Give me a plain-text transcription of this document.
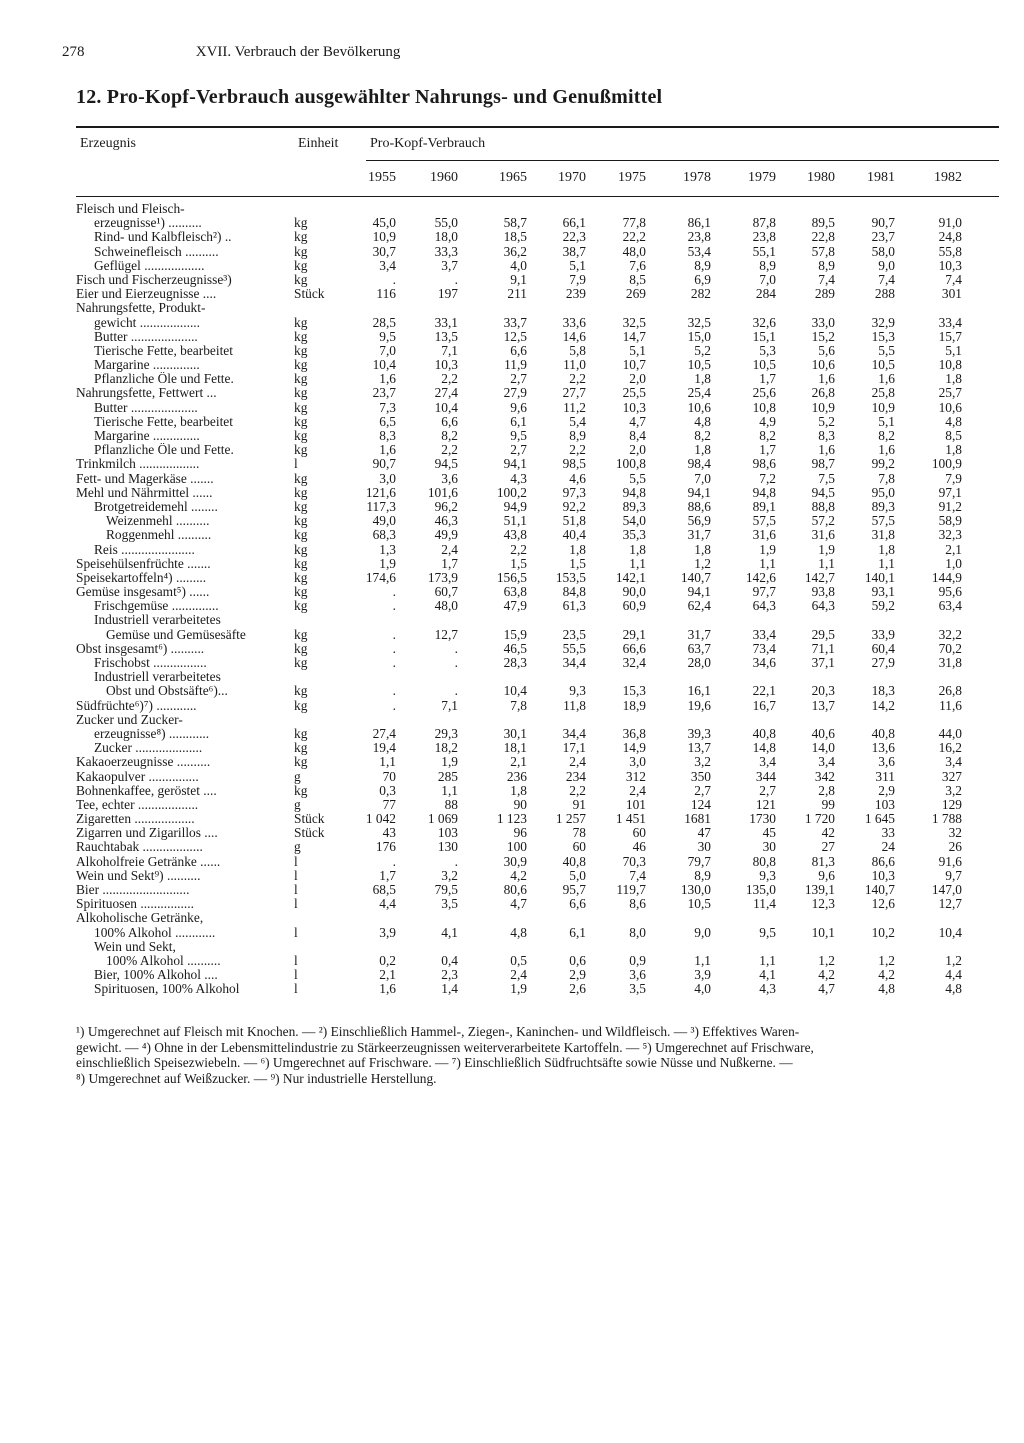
278	XVII. Verbrauch der Bevölkerung
12. Pro-Kopf-Verbrauch ausgewählter Nahrungs- und Genußmittel
Erzeugnis	Einheit Pro-Kopf-Verbrauch
1955	1960	1965	1970	1975	1978	1979	1980	1981	1982
Fleisch und Fleisch-
erzeugnisse¹) ..........	kg	45,0	55,0	58,7	66,1	77,8	86,1	87,8	89,5	90,7	91,0
Rind- und Kalbfleisch²) ..	kg	10,9	18,0	18,5	22,3	22,2	23,8	23,8	22,8	23,7	24,8
Schweinefleisch ..........	kg	30,7	33,3	36,2	38,7	48,0	53,4	55,1	57,8	58,0	55,8
Geflügel ..................	kg	3,4	3,7	4,0	5,1	7,6	8,9	8,9	8,9	9,0	10,3
Fisch und Fischerzeugnisse³)	kg	.	.	9,1	7,9	8,5	6,9	7,0	7,4	7,4	7,4
Eier und Eierzeugnisse ....	Stück	116	197	211	239	269	282	284	289	288	301
Nahrungsfette, Produkt-
gewicht ..................	kg	28,5	33,1	33,7	33,6	32,5	32,5	32,6	33,0	32,9	33,4
Butter ....................	kg	9,5	13,5	12,5	14,6	14,7	15,0	15,1	15,2	15,3	15,7
Tierische Fette, bearbeitet	kg	7,0	7,1	6,6	5,8	5,1	5,2	5,3	5,6	5,5	5,1
Margarine ..............	kg	10,4	10,3	11,9	11,0	10,7	10,5	10,5	10,6	10,5	10,8
Pflanzliche Öle und Fette.	kg	1,6	2,2	2,7	2,2	2,0	1,8	1,7	1,6	1,6	1,8
Nahrungsfette, Fettwert ...	kg	23,7	27,4	27,9	27,7	25,5	25,4	25,6	26,8	25,8	25,7
Butter ....................	kg	7,3	10,4	9,6	11,2	10,3	10,6	10,8	10,9	10,9	10,6
Tierische Fette, bearbeitet	kg	6,5	6,6	6,1	5,4	4,7	4,8	4,9	5,2	5,1	4,8
Margarine ..............	kg	8,3	8,2	9,5	8,9	8,4	8,2	8,2	8,3	8,2	8,5
Pflanzliche Öle und Fette.	kg	1,6	2,2	2,7	2,2	2,0	1,8	1,7	1,6	1,6	1,8
Trinkmilch ..................	l	90,7	94,5	94,1	98,5	100,8	98,4	98,6	98,7	99,2	100,9
Fett- und Magerkäse .......	kg	3,0	3,6	4,3	4,6	5,5	7,0	7,2	7,5	7,8	7,9
Mehl und Nährmittel ......	kg	121,6	101,6	100,2	97,3	94,8	94,1	94,8	94,5	95,0	97,1
Brotgetreidemehl ........	kg	117,3	96,2	94,9	92,2	89,3	88,6	89,1	88,8	89,3	91,2
Weizenmehl ..........	kg	49,0	46,3	51,1	51,8	54,0	56,9	57,5	57,2	57,5	58,9
Roggenmehl ..........	kg	68,3	49,9	43,8	40,4	35,3	31,7	31,6	31,6	31,8	32,3
Reis ......................	kg	1,3	2,4	2,2	1,8	1,8	1,8	1,9	1,9	1,8	2,1
Speisehülsenfrüchte .......	kg	1,9	1,7	1,5	1,5	1,1	1,2	1,1	1,1	1,1	1,0
Speisekartoffeln⁴) .........	kg	174,6	173,9	156,5	153,5	142,1	140,7	142,6	142,7	140,1	144,9
Gemüse insgesamt⁵) ......	kg	.	60,7	63,8	84,8	90,0	94,1	97,7	93,8	93,1	95,6
Frischgemüse ..............	kg	.	48,0	47,9	61,3	60,9	62,4	64,3	64,3	59,2	63,4
Industriell verarbeitetes
Gemüse und Gemüsesäfte	kg	.	12,7	15,9	23,5	29,1	31,7	33,4	29,5	33,9	32,2
Obst insgesamt⁶) ..........	kg	.	.	46,5	55,5	66,6	63,7	73,4	71,1	60,4	70,2
Frischobst ................	kg	.	.	28,3	34,4	32,4	28,0	34,6	37,1	27,9	31,8
Industriell verarbeitetes
Obst und Obstsäfte⁶)...	kg	.	.	10,4	9,3	15,3	16,1	22,1	20,3	18,3	26,8
Südfrüchte⁶)⁷) ............	kg	.	7,1	7,8	11,8	18,9	19,6	16,7	13,7	14,2	11,6
Zucker und Zucker-
erzeugnisse⁸) ............	kg	27,4	29,3	30,1	34,4	36,8	39,3	40,8	40,6	40,8	44,0
Zucker ....................	kg	19,4	18,2	18,1	17,1	14,9	13,7	14,8	14,0	13,6	16,2
Kakaoerzeugnisse ..........	kg	1,1	1,9	2,1	2,4	3,0	3,2	3,4	3,4	3,6	3,4
Kakaopulver ...............	g	70	285	236	234	312	350	344	342	311	327
Bohnenkaffee, geröstet ....	kg	0,3	1,1	1,8	2,2	2,4	2,7	2,7	2,8	2,9	3,2
Tee, echter ..................	g	77	88	90	91	101	124	121	99	103	129
Zigaretten ..................	Stück	1 042	1 069	1 123	1 257	1 451	1681	1730	1 720	1 645	1 788
Zigarren und Zigarillos ....	Stück	43	103	96	78	60	47	45	42	33	32
Rauchtabak ..................	g	176	130	100	60	46	30	30	27	24	26
Alkoholfreie Getränke ......	l	.	.	30,9	40,8	70,3	79,7	80,8	81,3	86,6	91,6
Wein und Sekt⁹) ..........	l	1,7	3,2	4,2	5,0	7,4	8,9	9,3	9,6	10,3	9,7
Bier ..........................	l	68,5	79,5	80,6	95,7	119,7	130,0	135,0	139,1	140,7	147,0
Spirituosen ................	l	4,4	3,5	4,7	6,6	8,6	10,5	11,4	12,3	12,6	12,7
Alkoholische Getränke,
100% Alkohol ............	l	3,9	4,1	4,8	6,1	8,0	9,0	9,5	10,1	10,2	10,4
Wein und Sekt,
100% Alkohol ..........	l	0,2	0,4	0,5	0,6	0,9	1,1	1,1	1,2	1,2	1,2
Bier, 100% Alkohol ....	l	2,1	2,3	2,4	2,9	3,6	3,9	4,1	4,2	4,2	4,4
Spirituosen, 100% Alkohol	l	1,6	1,4	1,9	2,6	3,5	4,0	4,3	4,7	4,8	4,8
¹) Umgerechnet auf Fleisch mit Knochen. — ²) Einschließlich Hammel-, Ziegen-, Kaninchen- und Wildfleisch. — ³) Effektives Waren-
gewicht. — ⁴) Ohne in der Lebensmittelindustrie zu Stärkeerzeugnissen weiterverarbeitete Kartoffeln. — ⁵) Umgerechnet auf Frischware,
einschließlich Speisezwiebeln. — ⁶) Umgerechnet auf Frischware. — ⁷) Einschließlich Südfruchtsäfte sowie Nüsse und Nußkerne. —
⁸) Umgerechnet auf Weißzucker. — ⁹) Nur industrielle Herstellung.
